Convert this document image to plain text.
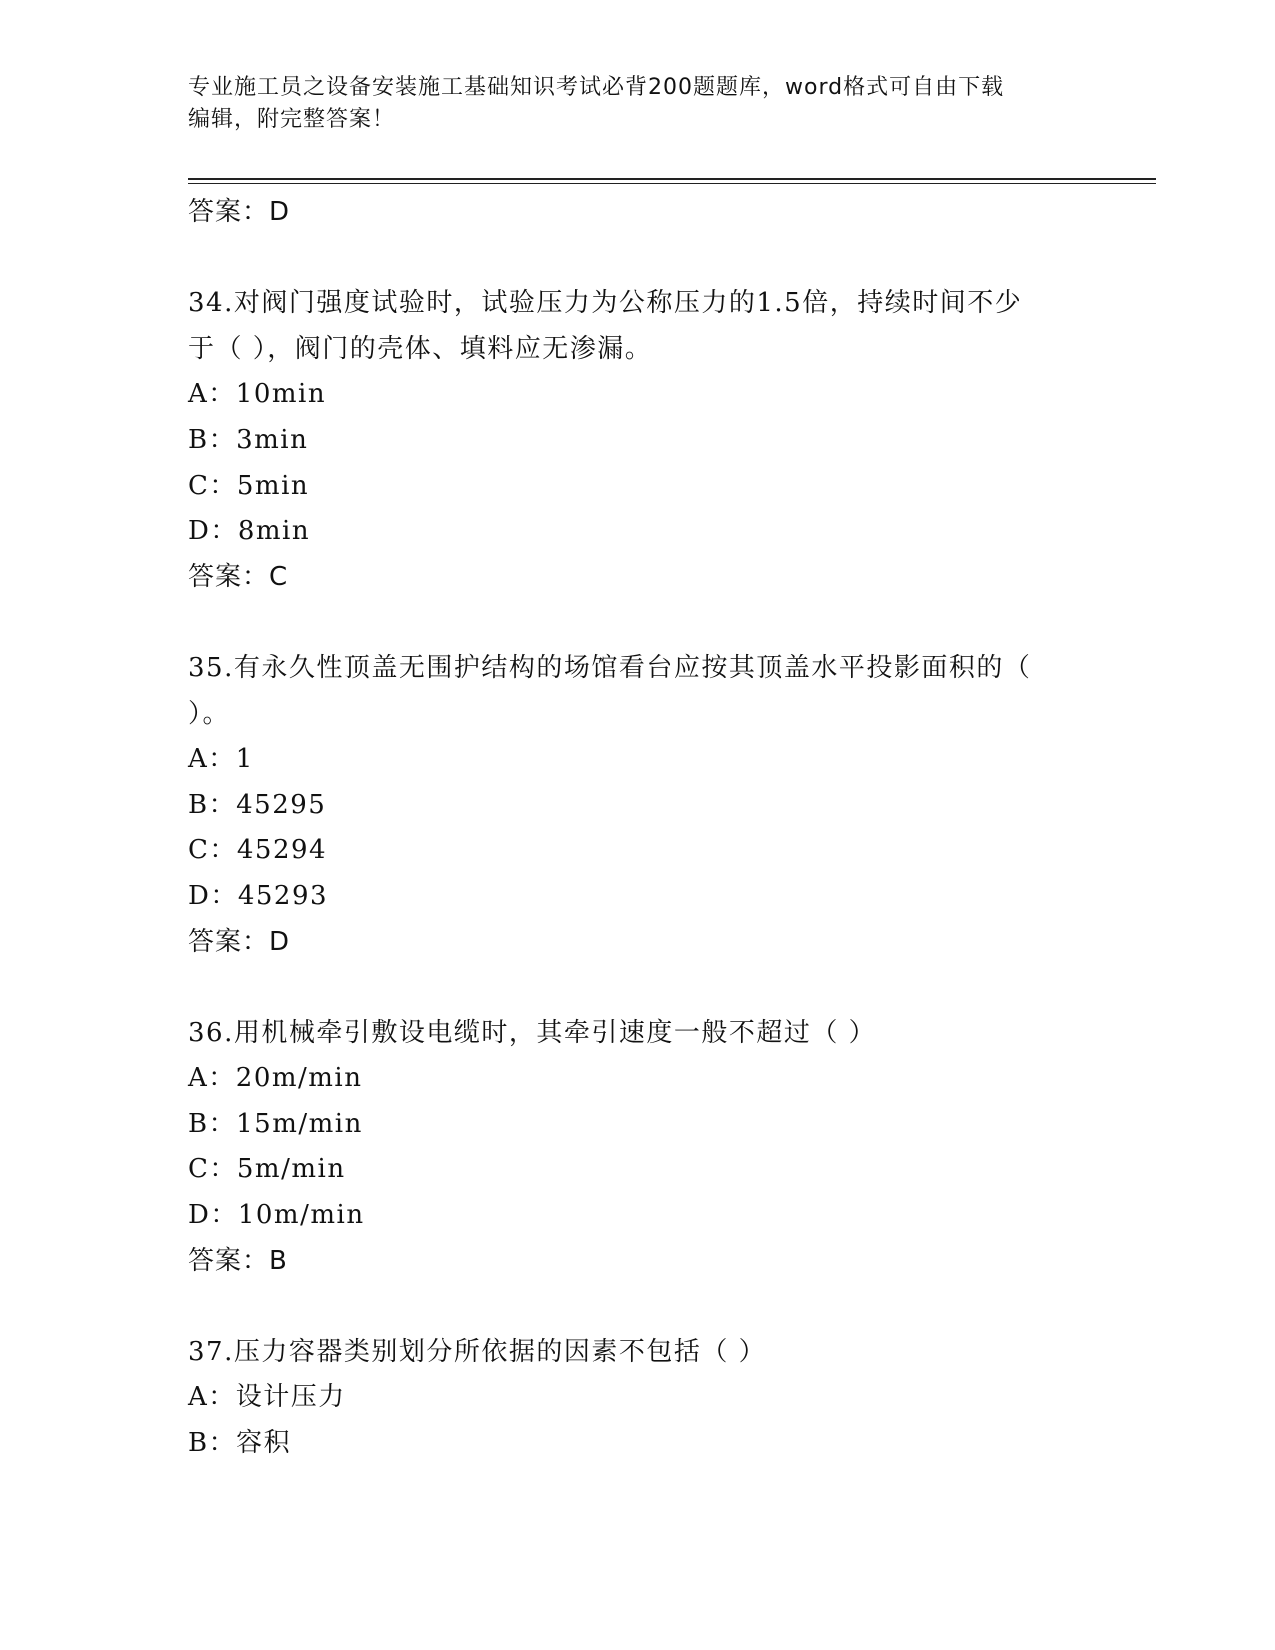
专业施工员之设备安装施工基础知识考试必背200题题库，word格式可自由下载
编辑，附完整答案！
答案：D
34.对阀门强度试验时，试验压力为公称压力的1.5倍，持续时间不少
于（ ），阀门的壳体、填料应无渗漏。
A：10min
B：3min
C：5min
D：8min
答案：C
35.有永久性顶盖无围护结构的场馆看台应按其顶盖水平投影面积的（
）。
A：1
B：45295
C：45294
D：45293
答案：D
36.用机械牵引敷设电缆时，其牵引速度一般不超过（ ）
A：20m/min
B：15m/min
C：5m/min
D：10m/min
答案：B
37.压力容器类别划分所依据的因素不包括（ ）
A：设计压力
B：容积
